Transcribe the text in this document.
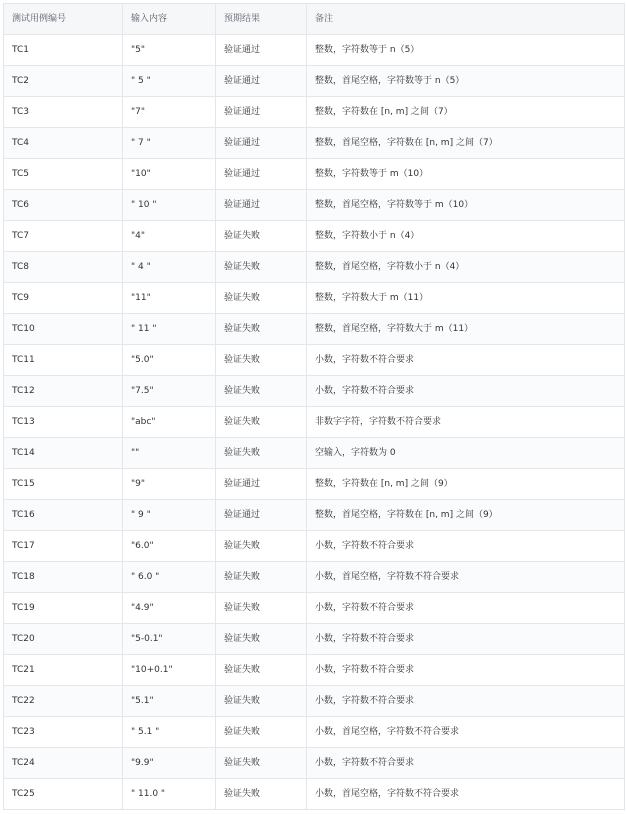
测试用例编号	输入内容	预期结果	备注
TC1	"5"	验证通过	整数，字符数等于 n（5）
TC2	" 5 "	验证通过	整数，首尾空格，字符数等于 n（5）
TC3	"7"	验证通过	整数，字符数在 [n, m] 之间（7）
TC4	" 7 "	验证通过	整数，首尾空格，字符数在 [n, m] 之间（7）
TC5	"10"	验证通过	整数，字符数等于 m（10）
TC6	" 10 "	验证通过	整数，首尾空格，字符数等于 m（10）
TC7	"4"	验证失败	整数，字符数小于 n（4）
TC8	" 4 "	验证失败	整数，首尾空格，字符数小于 n（4）
TC9	"11"	验证失败	整数，字符数大于 m（11）
TC10	" 11 "	验证失败	整数，首尾空格，字符数大于 m（11）
TC11	"5.0"	验证失败	小数，字符数不符合要求
TC12	"7.5"	验证失败	小数，字符数不符合要求
TC13	"abc"	验证失败	非数字字符，字符数不符合要求
TC14	""	验证失败	空输入，字符数为 0
TC15	"9"	验证通过	整数，字符数在 [n, m] 之间（9）
TC16	" 9 "	验证通过	整数，首尾空格，字符数在 [n, m] 之间（9）
TC17	"6.0"	验证失败	小数，字符数不符合要求
TC18	" 6.0 "	验证失败	小数，首尾空格，字符数不符合要求
TC19	"4.9"	验证失败	小数，字符数不符合要求
TC20	"5-0.1"	验证失败	小数，字符数不符合要求
TC21	"10+0.1"	验证失败	小数，字符数不符合要求
TC22	"5.1"	验证失败	小数，字符数不符合要求
TC23	" 5.1 "	验证失败	小数，首尾空格，字符数不符合要求
TC24	"9.9"	验证失败	小数，字符数不符合要求
TC25	" 11.0 "	验证失败	小数，首尾空格，字符数不符合要求
